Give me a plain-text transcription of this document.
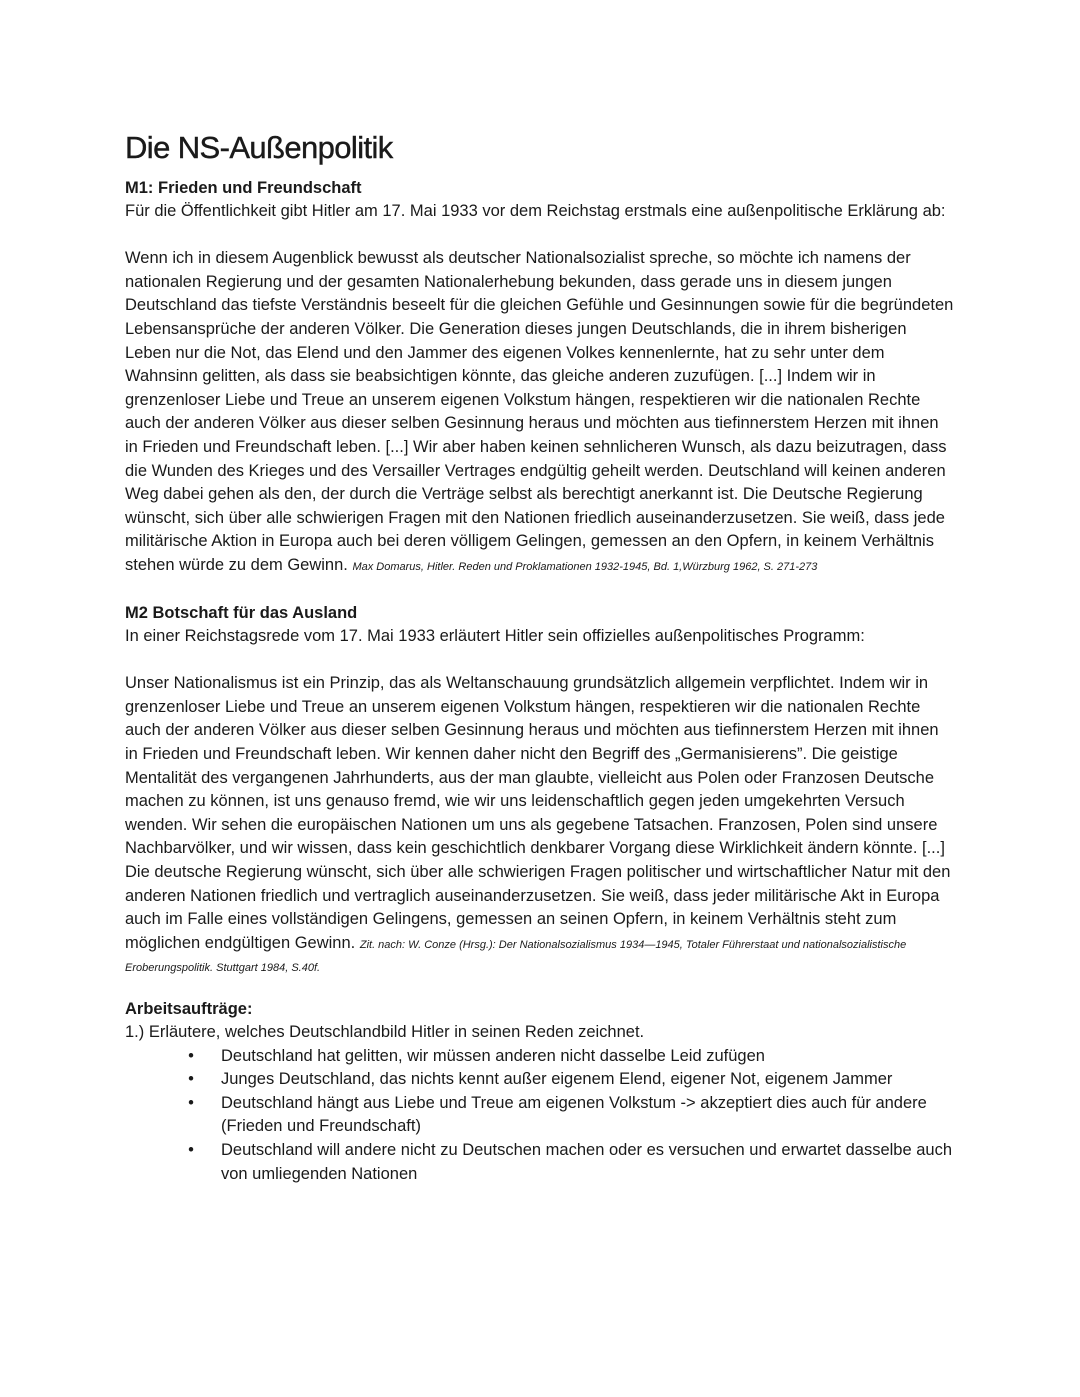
Die NS-Außenpolitik

M1: Frieden und Freundschaft

Für die Öffentlichkeit gibt Hitler am 17. Mai 1933 vor dem Reichstag erstmals eine außenpolitische Erklärung ab:

Wenn ich in diesem Augenblick bewusst als deutscher Nationalsozialist spreche, so möchte ich namens der nationalen Regierung und der gesamten Nationalerhebung bekunden, dass gerade uns in diesem jungen Deutschland das tiefste Verständnis beseelt für die gleichen Gefühle und Gesinnungen sowie für die begründeten Lebensansprüche der anderen Völker. Die Generation dieses jungen Deutschlands, die in ihrem bisherigen Leben nur die Not, das Elend und den Jammer des eigenen Volkes kennenlernte, hat zu sehr unter dem Wahnsinn gelitten, als dass sie beabsichtigen könnte, das gleiche anderen zuzufügen. [...] Indem wir in grenzenloser Liebe und Treue an unserem eigenen Volkstum hängen, respektieren wir die nationalen Rechte auch der anderen Völker aus dieser selben Gesinnung heraus und möchten aus tiefinnerstem Herzen mit ihnen in Frieden und Freundschaft leben. [...] Wir aber haben keinen sehnlicheren Wunsch, als dazu beizutragen, dass die Wunden des Krieges und des Versailler Vertrages endgültig geheilt werden. Deutschland will keinen anderen Weg dabei gehen als den, der durch die Verträge selbst als berechtigt anerkannt ist. Die Deutsche Regierung wünscht, sich über alle schwierigen Fragen mit den Nationen friedlich auseinanderzusetzen. Sie weiß, dass jede militärische Aktion in Europa auch bei deren völligem Gelingen, gemessen an den Opfern, in keinem Verhältnis stehen würde zu dem Gewinn. Max Domarus, Hitler. Reden und Proklamationen 1932-1945, Bd. 1,Würzburg 1962, S. 271-273

M2 Botschaft für das Ausland

In einer Reichstagsrede vom 17. Mai 1933 erläutert Hitler sein offizielles außenpolitisches Programm:

Unser Nationalismus ist ein Prinzip, das als Weltanschauung grundsätzlich allgemein verpflichtet. Indem wir in grenzenloser Liebe und Treue an unserem eigenen Volkstum hängen, respektieren wir die nationalen Rechte auch der anderen Völker aus dieser selben Gesinnung heraus und möchten aus tiefinnerstem Herzen mit ihnen in Frieden und Freundschaft leben. Wir kennen daher nicht den Begriff des „Germanisierens”. Die geistige Mentalität des vergangenen Jahrhunderts, aus der man glaubte, vielleicht aus Polen oder Franzosen Deutsche machen zu können, ist uns genauso fremd, wie wir uns leidenschaftlich gegen jeden umgekehrten Versuch wenden. Wir sehen die europäischen Nationen um uns als gegebene Tatsachen. Franzosen, Polen sind unsere Nachbarvölker, und wir wissen, dass kein geschichtlich denkbarer Vorgang diese Wirklichkeit ändern könnte. [...] Die deutsche Regierung wünscht, sich über alle schwierigen Fragen politischer und wirtschaftlicher Natur mit den anderen Nationen friedlich und vertraglich auseinanderzusetzen. Sie weiß, dass jeder militärische Akt in Europa auch im Falle eines vollständigen Gelingens, gemessen an seinen Opfern, in keinem Verhältnis steht zum möglichen endgültigen Gewinn. Zit. nach: W. Conze (Hrsg.): Der Nationalsozialismus 1934—1945, Totaler Führerstaat und nationalsozialistische Eroberungspolitik. Stuttgart 1984, S.40f.

Arbeitsaufträge:

1.) Erläutere, welches Deutschlandbild Hitler in seinen Reden zeichnet.

•	Deutschland hat gelitten, wir müssen anderen nicht dasselbe Leid zufügen
•	Junges Deutschland, das nichts kennt außer eigenem Elend, eigener Not, eigenem Jammer
•	Deutschland hängt aus Liebe und Treue am eigenen Volkstum -> akzeptiert dies auch für andere (Frieden und Freundschaft)
•	Deutschland will andere nicht zu Deutschen machen oder es versuchen und erwartet dasselbe auch von umliegenden Nationen
